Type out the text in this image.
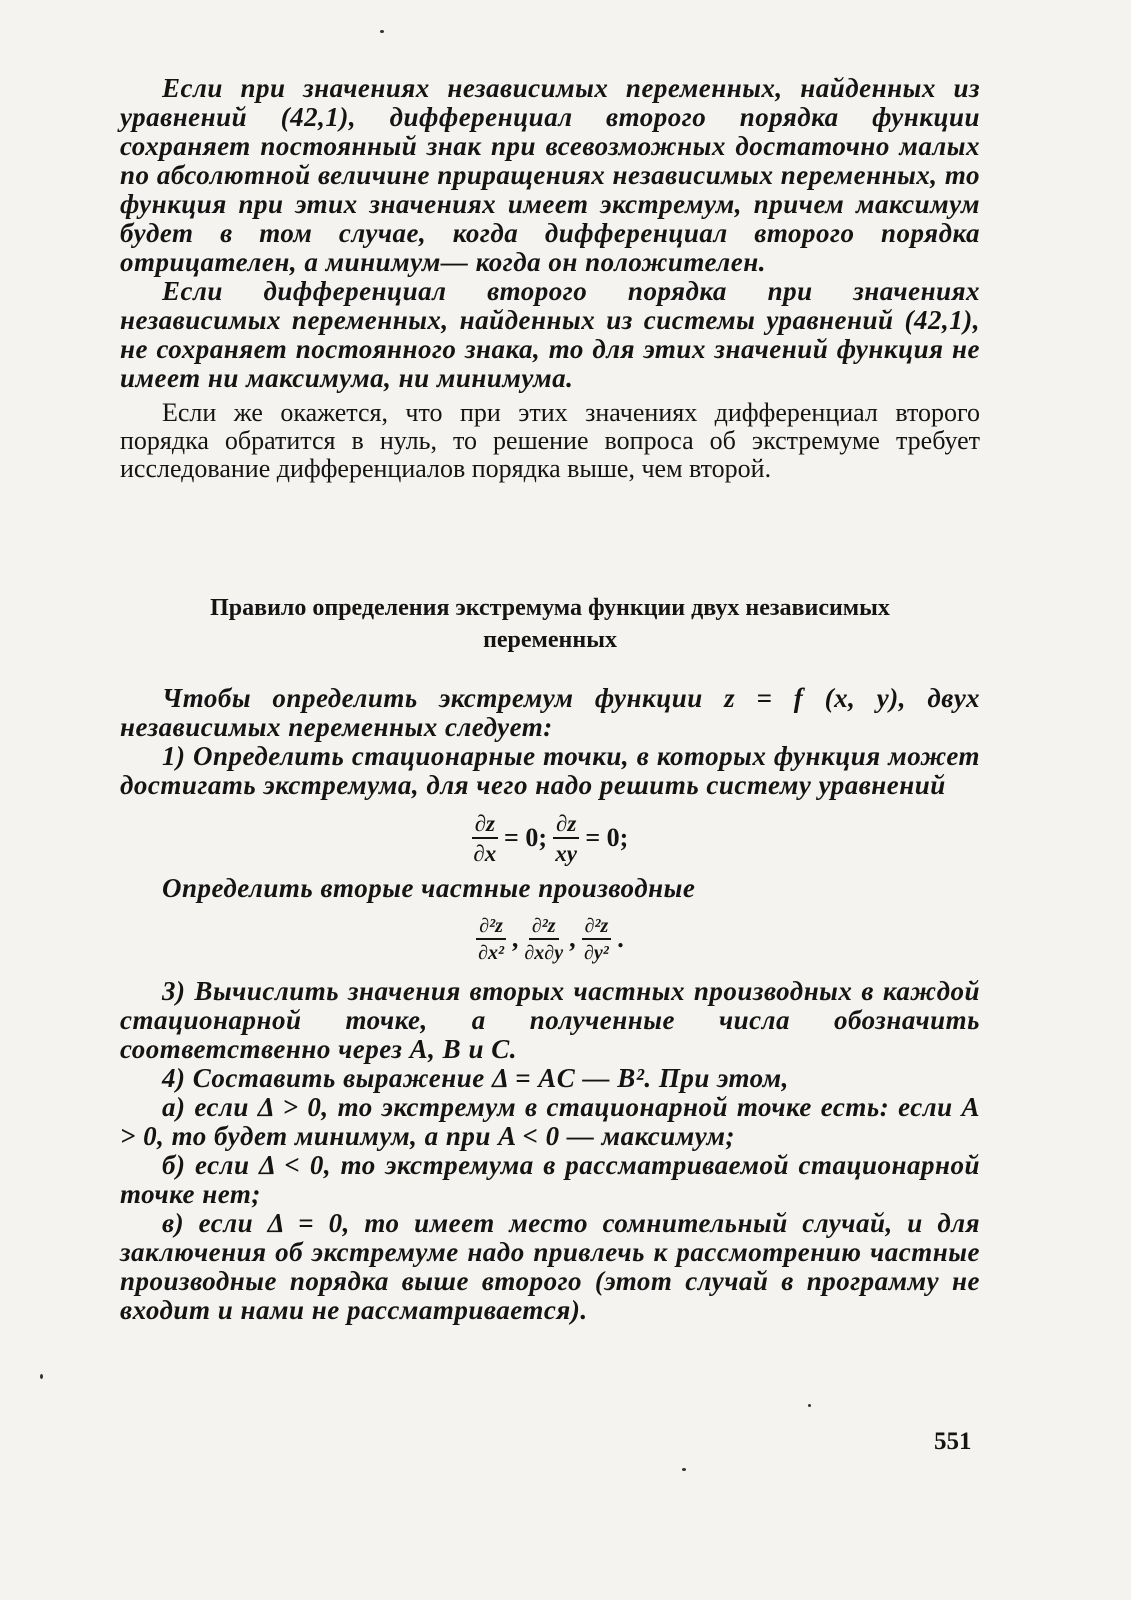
Если при значениях независимых переменных, найденных из уравнений (42,1), дифференциал второго порядка функции сохраняет постоянный знак при всевозможных достаточно малых по абсолютной величине приращениях независимых переменных, то функция при этих значениях имеет экстремум, причем максимум будет в том случае, когда дифференциал второго порядка отрицателен, а минимум— когда он положителен.

Если дифференциал второго порядка при значениях независимых переменных, найденных из системы уравнений (42,1), не сохраняет постоянного знака, то для этих значений функция не имеет ни максимума, ни минимума.

Если же окажется, что при этих значениях дифференциал второго порядка обратится в нуль, то решение вопроса об экстремуме требует исследование дифференциалов порядка выше, чем второй.

Правило определения экстремума функции двух независимых переменных

Чтобы определить экстремум функции z = f (x, y), двух независимых переменных следует:

1) Определить стационарные точки, в которых функция может достигать экстремума, для чего надо решить систему уравнений

$\frac{\partial z}{\partial x} = 0$; $\frac{\partial z}{xy} = 0$;

Определить вторые частные производные

$\frac{\text{∂²z}}{\text{∂x²}}$ , $\frac{\text{∂²z}}{\partial x\partial y}$ , $\frac{\text{∂²z}}{\text{∂y²}}$ .

3) Вычислить значения вторых частных производных в каждой стационарной точке, а полученные числа обозначить соответственно через A, B и C.

4) Составить выражение Δ = AC — B². При этом,

а) если Δ > 0, то экстремум в стационарной точке есть: если A > 0, то будет минимум, а при A < 0 — максимум;

б) если Δ < 0, то экстремума в рассматриваемой стационарной точке нет;

в) если Δ = 0, то имеет место сомнительный случай, и для заключения об экстремуме надо привлечь к рассмотрению частные производные порядка выше второго (этот случай в программу не входит и нами не рассматривается).

551
